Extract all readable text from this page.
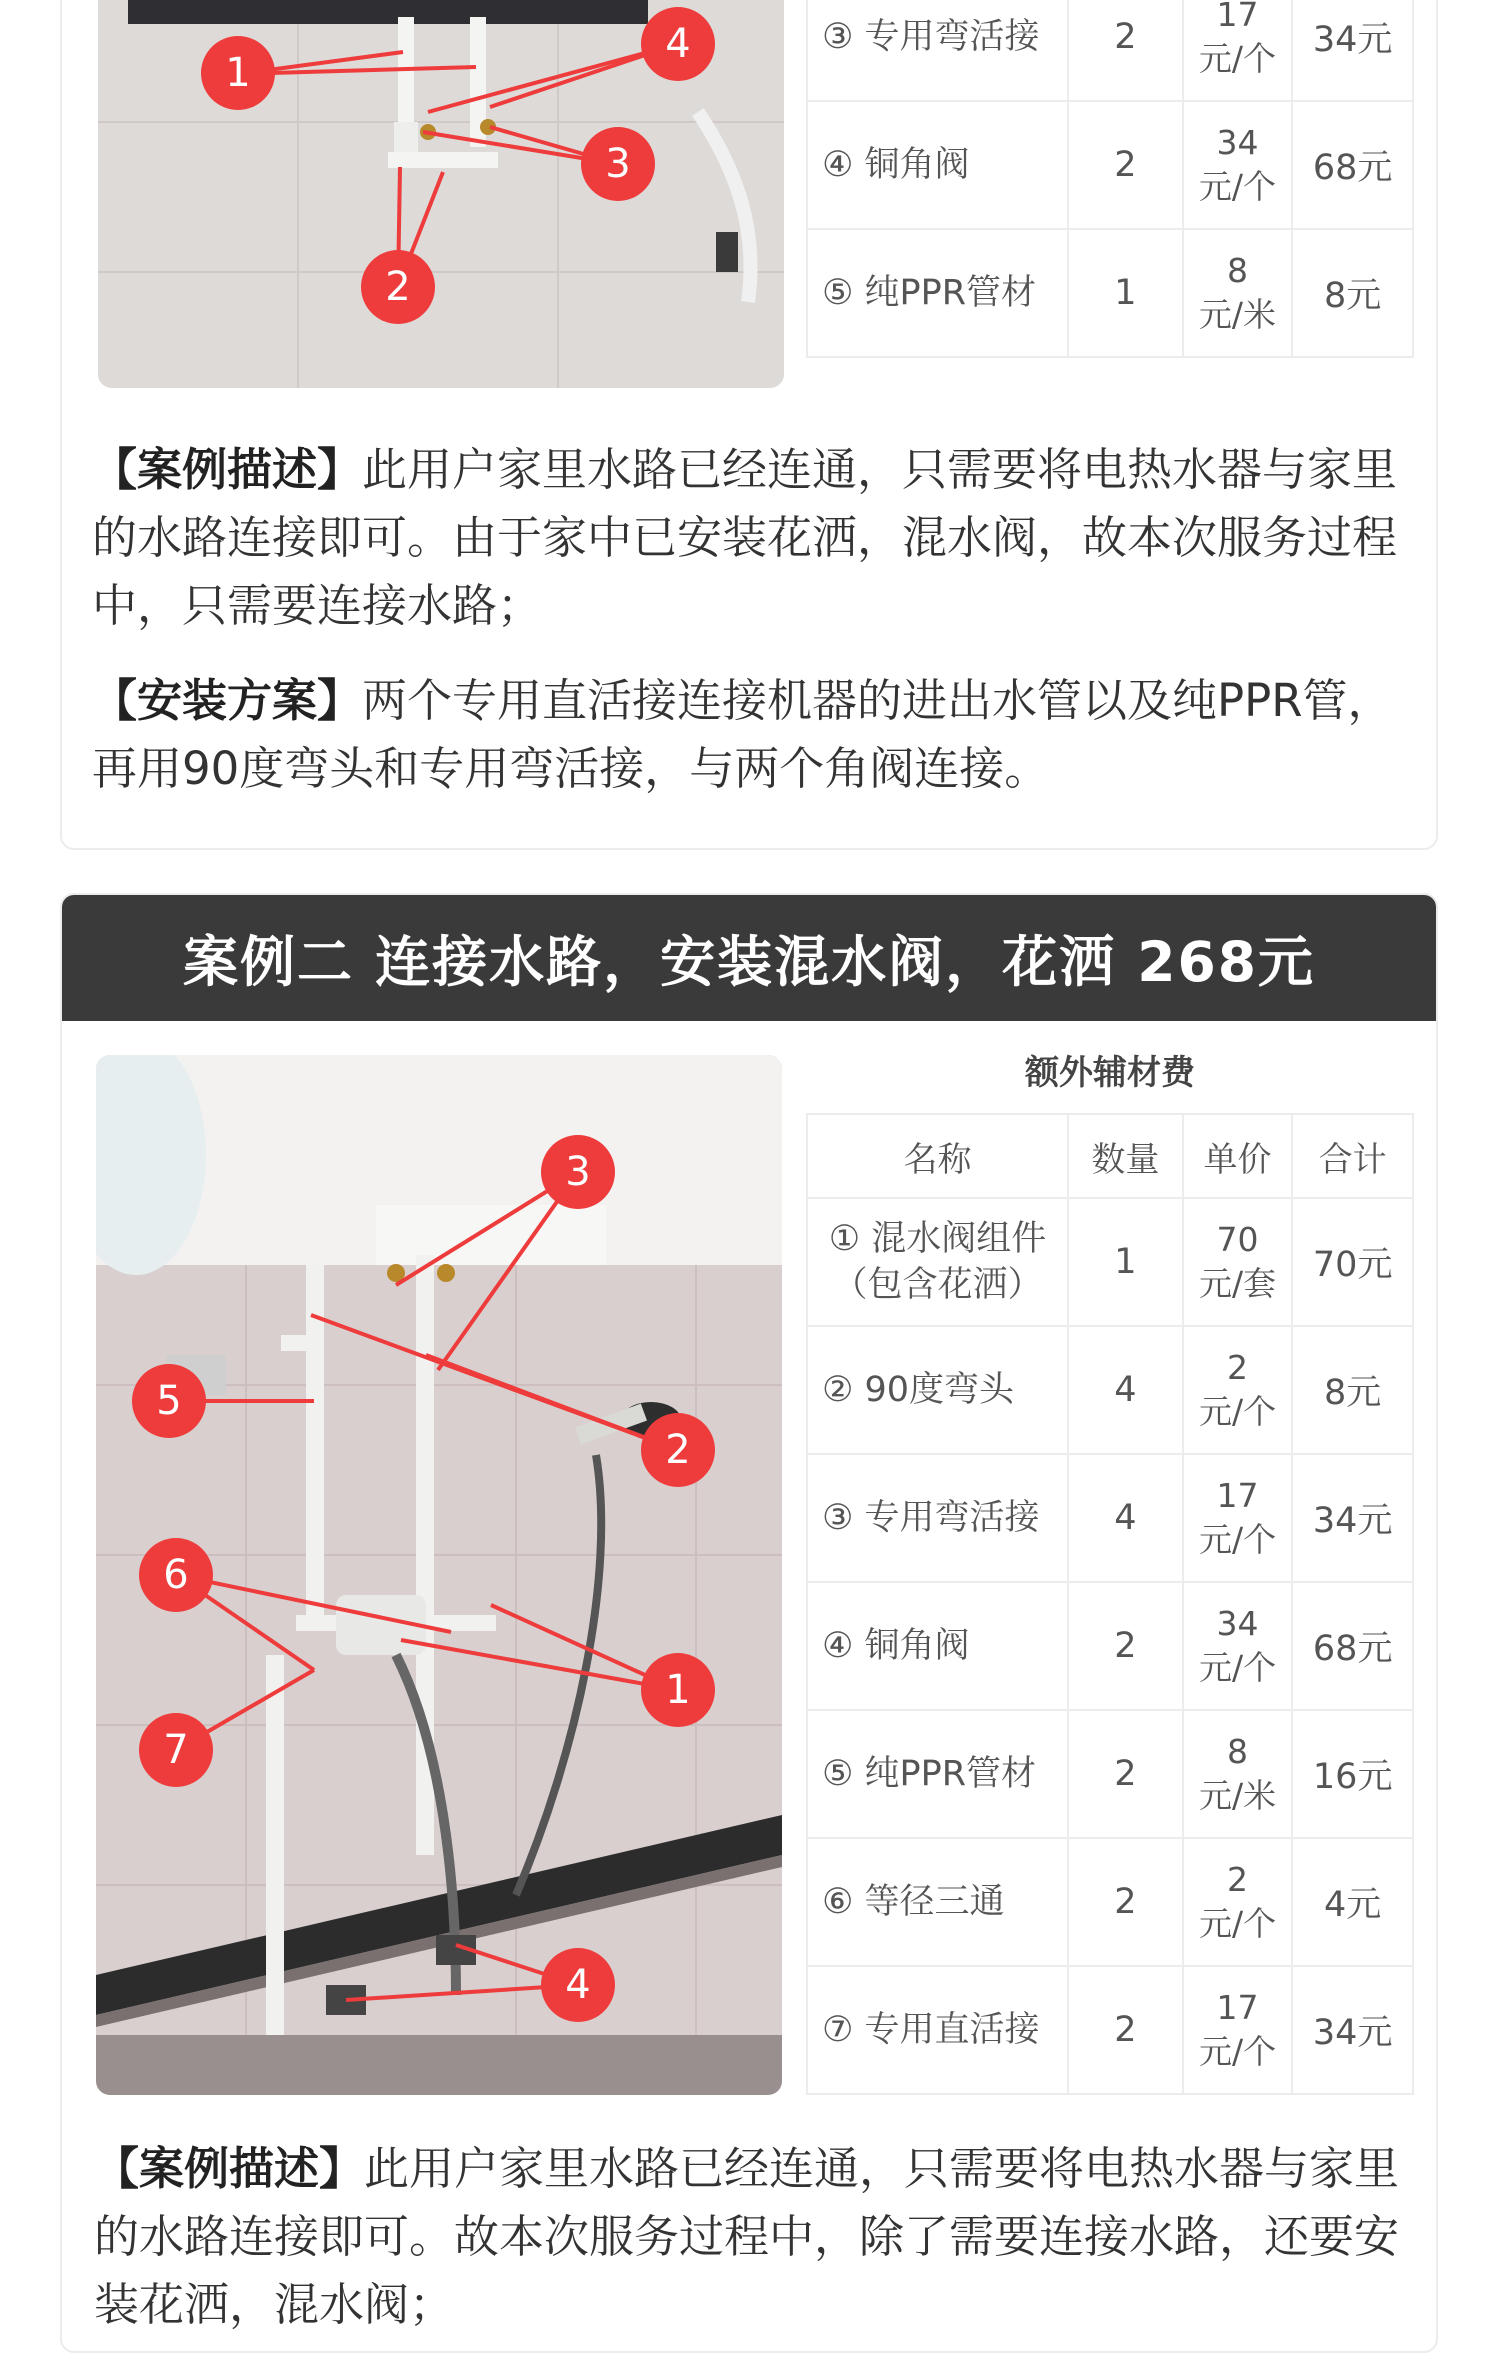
1
2
3
4	③ 专用弯活接	2	17
元/个	34元
④ 铜角阀	2	34
元/个	68元
⑤ 纯PPR管材	1	8
元/米	8元

【案例描述】此用户家里水路已经连通，只需要将电热水器与家里的水路连接即可。由于家中已安装花洒，混水阀，故本次服务过程中，只需要连接水路；

【安装方案】两个专用直活接连接机器的进出水管以及纯PPR管，再用90度弯头和专用弯活接，与两个角阀连接。

案例二 连接水路，安装混水阀，花洒 268元
1
2
3
4
5
6
7
额外辅材费
名称	数量	单价	合计
① 混水阀组件
（包含花洒）	1	70
元/套	70元
② 90度弯头	4	2
元/个	8元
③ 专用弯活接	4	17
元/个	34元
④ 铜角阀	2	34
元/个	68元
⑤ 纯PPR管材	2	8
元/米	16元
⑥ 等径三通	2	2
元/个	4元
⑦ 专用直活接	2	17
元/个	34元

【案例描述】此用户家里水路已经连通，只需要将电热水器与家里的水路连接即可。故本次服务过程中，除了需要连接水路，还要安装花洒，混水阀；
